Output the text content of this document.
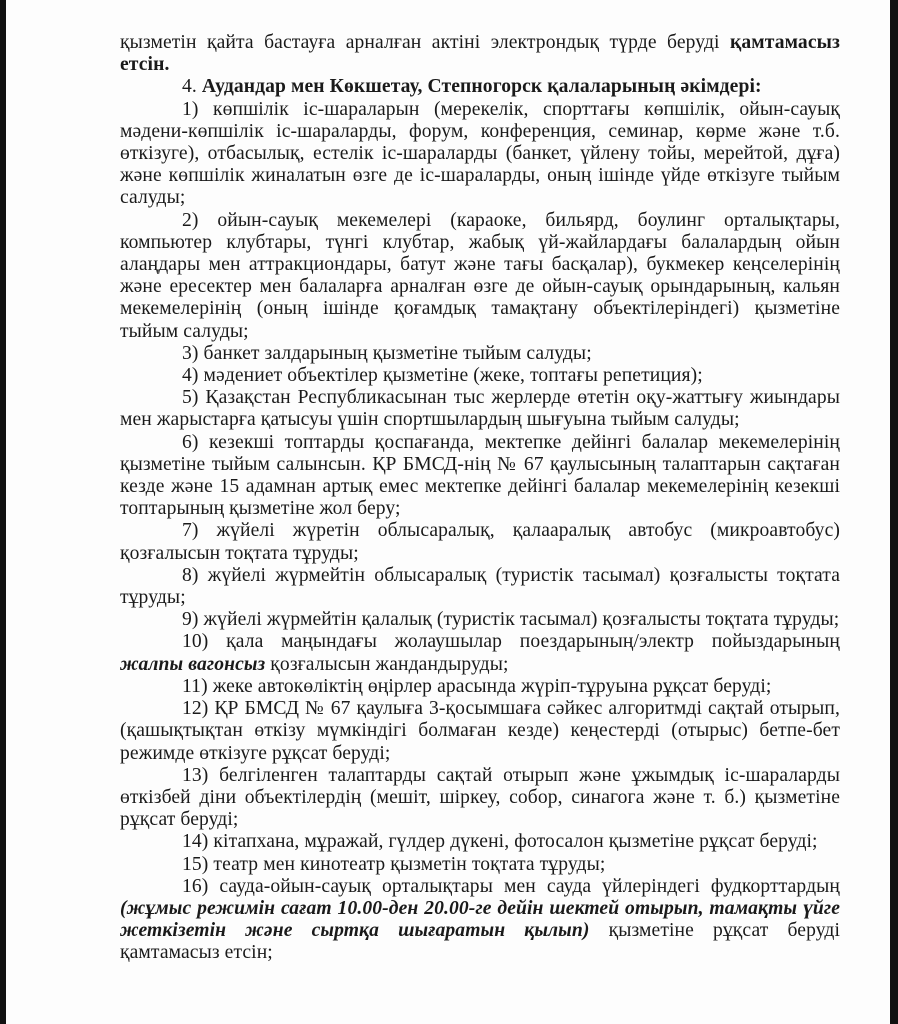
қызметін қайта бастауға арналған актіні электрондық түрде беруді қамтамасыз етсін.

4. Аудандар мен Көкшетау, Степногорск қалаларының әкімдері:

1) көпшілік іс-шараларын (мерекелік, спорттағы көпшілік, ойын-сауық мәдени-көпшілік іс-шараларды, форум, конференция, семинар, көрме және т.б. өткізуге), отбасылық, естелік іс-шараларды (банкет, үйлену тойы, мерейтой, дұға) және көпшілік жиналатын өзге де іс-шараларды, оның ішінде үйде өткізуге тыйым салуды;

2) ойын-сауық мекемелері (караоке, бильярд, боулинг орталықтары, компьютер клубтары, түнгі клубтар, жабық үй-жайлардағы балалардың ойын алаңдары мен аттракциондары, батут және тағы басқалар), букмекер кеңселерінің және ересектер мен балаларға арналған өзге де ойын-сауық орындарының, кальян мекемелерінің (оның ішінде қоғамдық тамақтану объектілеріндегі) қызметіне тыйым салуды;

3) банкет залдарының қызметіне тыйым салуды;

4) мәдениет объектілер қызметіне (жеке, топтағы репетиция);

5) Қазақстан Республикасынан тыс жерлерде өтетін оқу-жаттығу жиындары мен жарыстарға қатысуы үшін спортшылардың шығуына тыйым салуды;

6) кезекші топтарды қоспағанда, мектепке дейінгі балалар мекемелерінің қызметіне тыйым салынсын. ҚР БМСД-нің № 67 қаулысының талаптарын сақтаған кезде және 15 адамнан артық емес мектепке дейінгі балалар мекемелерінің кезекші топтарының қызметіне жол беру;

7) жүйелі жүретін облысаралық, қалааралық автобус (микроавтобус) қозғалысын тоқтата тұруды;

8) жүйелі жүрмейтін облысаралық (туристік тасымал) қозғалысты тоқтата тұруды;

9) жүйелі жүрмейтін қалалық (туристік тасымал) қозғалысты тоқтата тұруды;

10) қала маңындағы жолаушылар поездарының/электр пойыздарының жалпы вагонсыз қозғалысын жандандыруды;

11) жеке автокөліктің өңірлер арасында жүріп-тұруына рұқсат беруді;

12) ҚР БМСД № 67 қаулыға 3-қосымшаға сәйкес алгоритмді сақтай отырып, (қашықтықтан өткізу мүмкіндігі болмаған кезде) кеңестерді (отырыс) бетпе-бет режимде өткізуге рұқсат беруді;

13) белгіленген талаптарды сақтай отырып және ұжымдық іс-шараларды өткізбей діни объектілердің (мешіт, шіркеу, собор, синагога және т. б.) қызметіне рұқсат беруді;

14) кітапхана, мұражай, гүлдер дүкені, фотосалон қызметіне рұқсат беруді;

15) театр мен кинотеатр қызметін тоқтата тұруды;

16) сауда-ойын-сауық орталықтары мен сауда үйлеріндегі фудкорттардың (жұмыс режимін сағат 10.00-ден 20.00-ге дейін шектей отырып, тамақты үйге жеткізетін және сыртқа шығаратын қылып) қызметіне рұқсат беруді қамтамасыз етсін;
